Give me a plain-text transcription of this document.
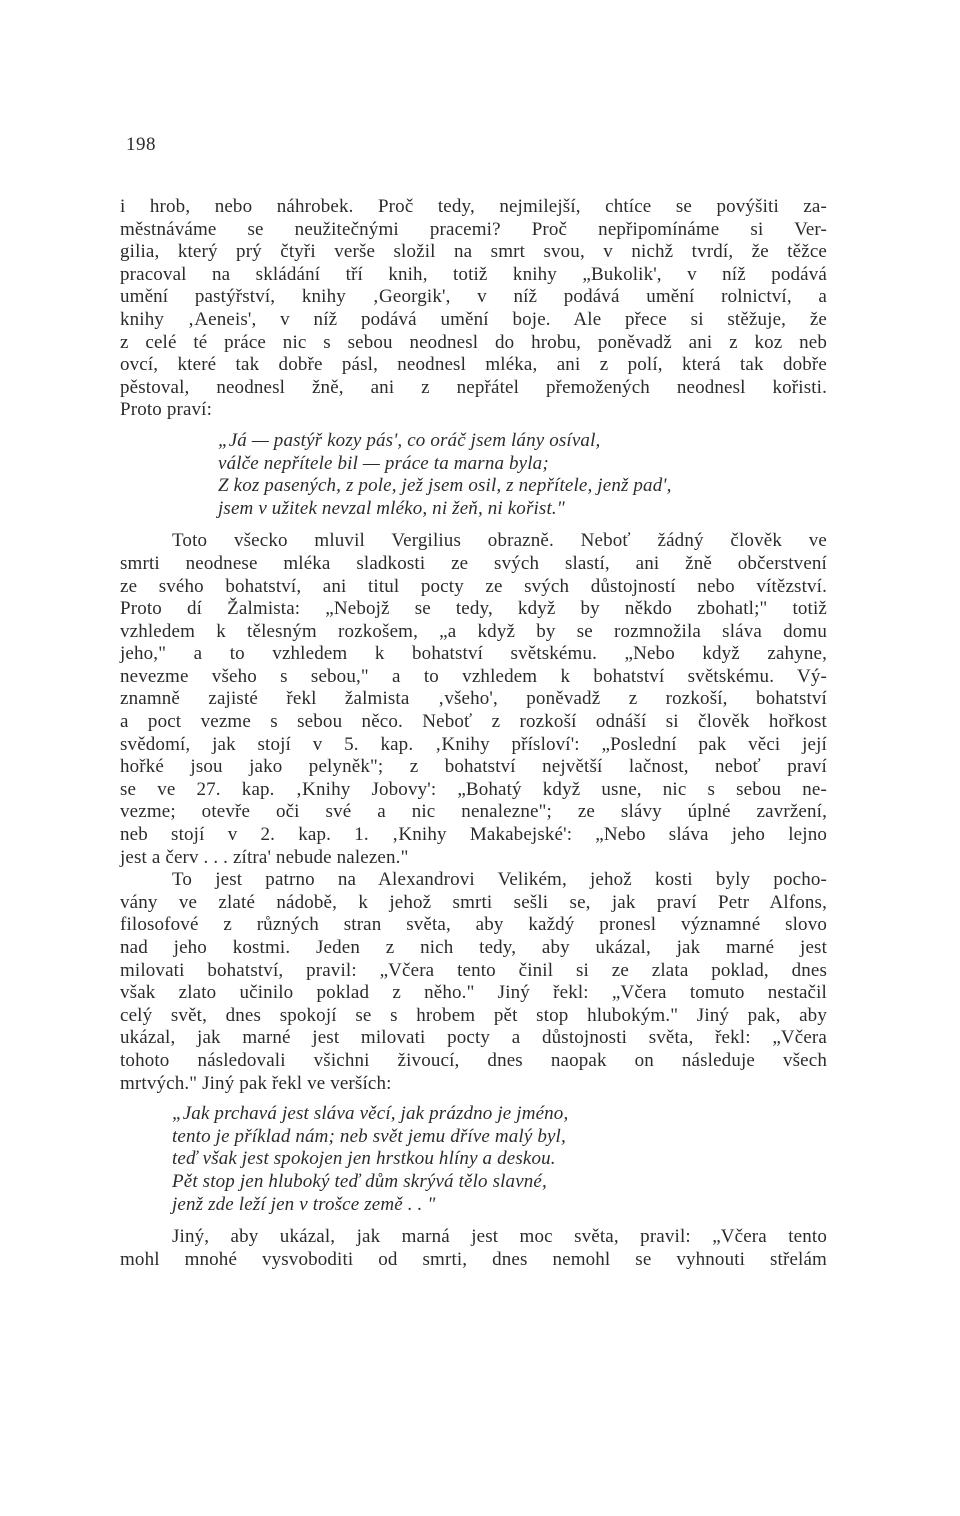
198
i hrob, nebo náhrobek. Proč tedy, nejmilejší, chtíce se povýšiti za-
městnáváme se neužitečnými pracemi? Proč nepřipomínáme si Ver-
gilia, který prý čtyři verše složil na smrt svou, v nichž tvrdí, že těžce
pracoval na skládání tří knih, totiž knihy „Bukolik', v níž podává
umění pastýřství, knihy ‚Georgik', v níž podává umění rolnictví, a
knihy ‚Aeneis', v níž podává umění boje. Ale přece si stěžuje, že
z celé té práce nic s sebou neodnesl do hrobu, poněvadž ani z koz neb
ovcí, které tak dobře pásl, neodnesl mléka, ani z polí, která tak dobře
pěstoval, neodnesl žně, ani z nepřátel přemožených neodnesl kořisti.
Proto praví:
„Já — pastýř kozy pás', co oráč jsem lány osíval,
válče nepřítele bil — práce ta marna byla;
Z koz pasených, z pole, jež jsem osil, z nepřítele, jenž pad',
jsem v užitek nevzal mléko, ni žeň, ni kořist."
Toto všecko mluvil Vergilius obrazně. Neboť žádný člověk ve
smrti neodnese mléka sladkosti ze svých slastí, ani žně občerstvení
ze svého bohatství, ani titul pocty ze svých důstojností nebo vítězství.
Proto dí Žalmista: „Nebojž se tedy, když by někdo zbohatl;" totiž
vzhledem k tělesným rozkošem, „a když by se rozmnožila sláva domu
jeho," a to vzhledem k bohatství světskému. „Nebo když zahyne,
nevezme všeho s sebou," a to vzhledem k bohatství světskému. Vý-
znamně zajisté řekl žalmista ‚všeho', poněvadž z rozkoší, bohatství
a poct vezme s sebou něco. Neboť z rozkoší odnáší si člověk hořkost
svědomí, jak stojí v 5. kap. ‚Knihy přísloví': „Poslední pak věci její
hořké jsou jako pelyněk"; z bohatství největší lačnost, neboť praví
se ve 27. kap. ‚Knihy Jobovy': „Bohatý když usne, nic s sebou ne-
vezme; otevře oči své a nic nenalezne"; ze slávy úplné zavržení,
neb stojí v 2. kap. 1. ‚Knihy Makabejské': „Nebo sláva jeho lejno
jest a červ . . . zítra' nebude nalezen."
To jest patrno na Alexandrovi Velikém, jehož kosti byly pocho-
vány ve zlaté nádobě, k jehož smrti sešli se, jak praví Petr Alfons,
filosofové z různých stran světa, aby každý pronesl významné slovo
nad jeho kostmi. Jeden z nich tedy, aby ukázal, jak marné jest
milovati bohatství, pravil: „Včera tento činil si ze zlata poklad, dnes
však zlato učinilo poklad z něho." Jiný řekl: „Včera tomuto nestačil
celý svět, dnes spokojí se s hrobem pět stop hlubokým." Jiný pak, aby
ukázal, jak marné jest milovati pocty a důstojnosti světa, řekl: „Včera
tohoto následovali všichni živoucí, dnes naopak on následuje všech
mrtvých." Jiný pak řekl ve verších:
„Jak prchavá jest sláva věcí, jak prázdno je jméno,
tento je příklad nám; neb svět jemu dříve malý byl,
teď však jest spokojen jen hrstkou hlíny a deskou.
Pět stop jen hluboký teď dům skrývá tělo slavné,
jenž zde leží jen v trošce země . . "
Jiný, aby ukázal, jak marná jest moc světa, pravil: „Včera tento
mohl mnohé vysvoboditi od smrti, dnes nemohl se vyhnouti střelám
